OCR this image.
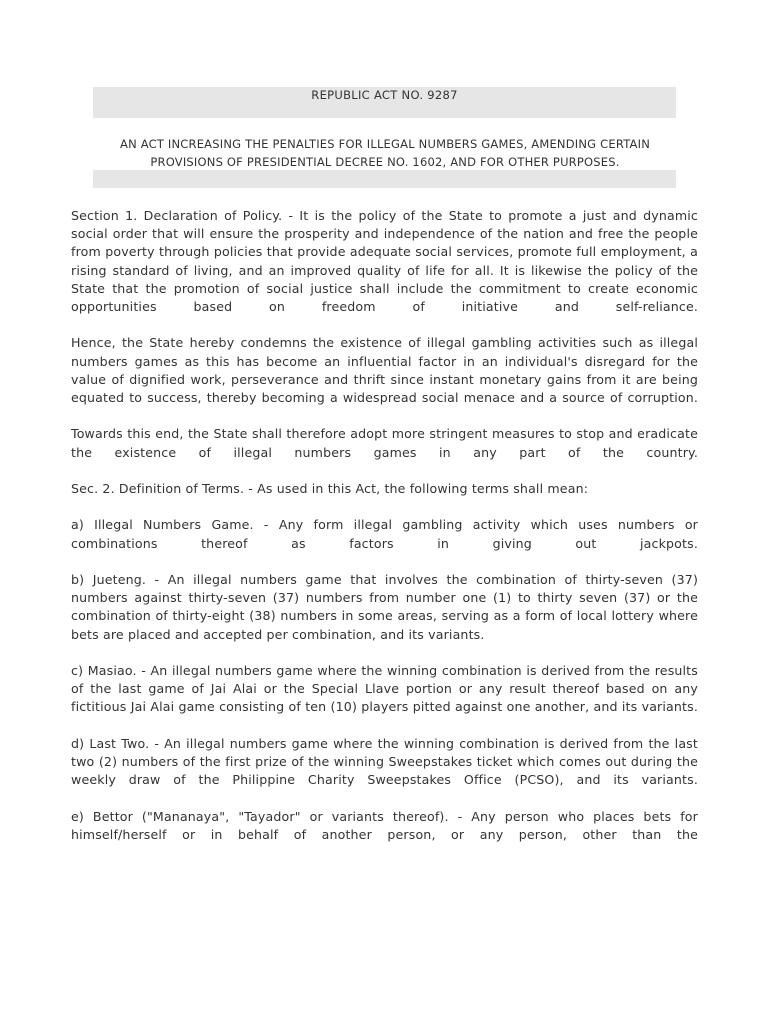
REPUBLIC ACT NO. 9287
AN ACT INCREASING THE PENALTIES FOR ILLEGAL NUMBERS GAMES, AMENDING CERTAIN
PROVISIONS OF PRESIDENTIAL DECREE NO. 1602, AND FOR OTHER PURPOSES.

Section 1. Declaration of Policy. - It is the policy of the State to promote a just and dynamic social order that will ensure the prosperity and independence of the nation and free the people from poverty through policies that provide adequate social services, promote full employment, a rising standard of living, and an improved quality of life for all. It is likewise the policy of the State that the promotion of social justice shall include the commitment to create economic opportunities based on freedom of initiative and self-reliance.

Hence, the State hereby condemns the existence of illegal gambling activities such as illegal numbers games as this has become an influential factor in an individual's disregard for the value of dignified work, perseverance and thrift since instant monetary gains from it are being equated to success, thereby becoming a widespread social menace and a source of corruption.

Towards this end, the State shall therefore adopt more stringent measures to stop and eradicate the existence of illegal numbers games in any part of the country.

Sec. 2. Definition of Terms. - As used in this Act, the following terms shall mean:

a) Illegal Numbers Game. - Any form illegal gambling activity which uses numbers or combinations thereof as factors in giving out jackpots.

b) Jueteng. - An illegal numbers game that involves the combination of thirty-seven (37) numbers against thirty-seven (37) numbers from number one (1) to thirty seven (37) or the combination of thirty-eight (38) numbers in some areas, serving as a form of local lottery where bets are placed and accepted per combination, and its variants.

c) Masiao. - An illegal numbers game where the winning combination is derived from the results of the last game of Jai Alai or the Special Llave portion or any result thereof based on any fictitious Jai Alai game consisting of ten (10) players pitted against one another, and its variants.

d) Last Two. - An illegal numbers game where the winning combination is derived from the last two (2) numbers of the first prize of the winning Sweepstakes ticket which comes out during the weekly draw of the Philippine Charity Sweepstakes Office (PCSO), and its variants.

e) Bettor ("Mananaya", "Tayador" or variants thereof). - Any person who places bets for himself/herself or in behalf of another person, or any person, other than the
